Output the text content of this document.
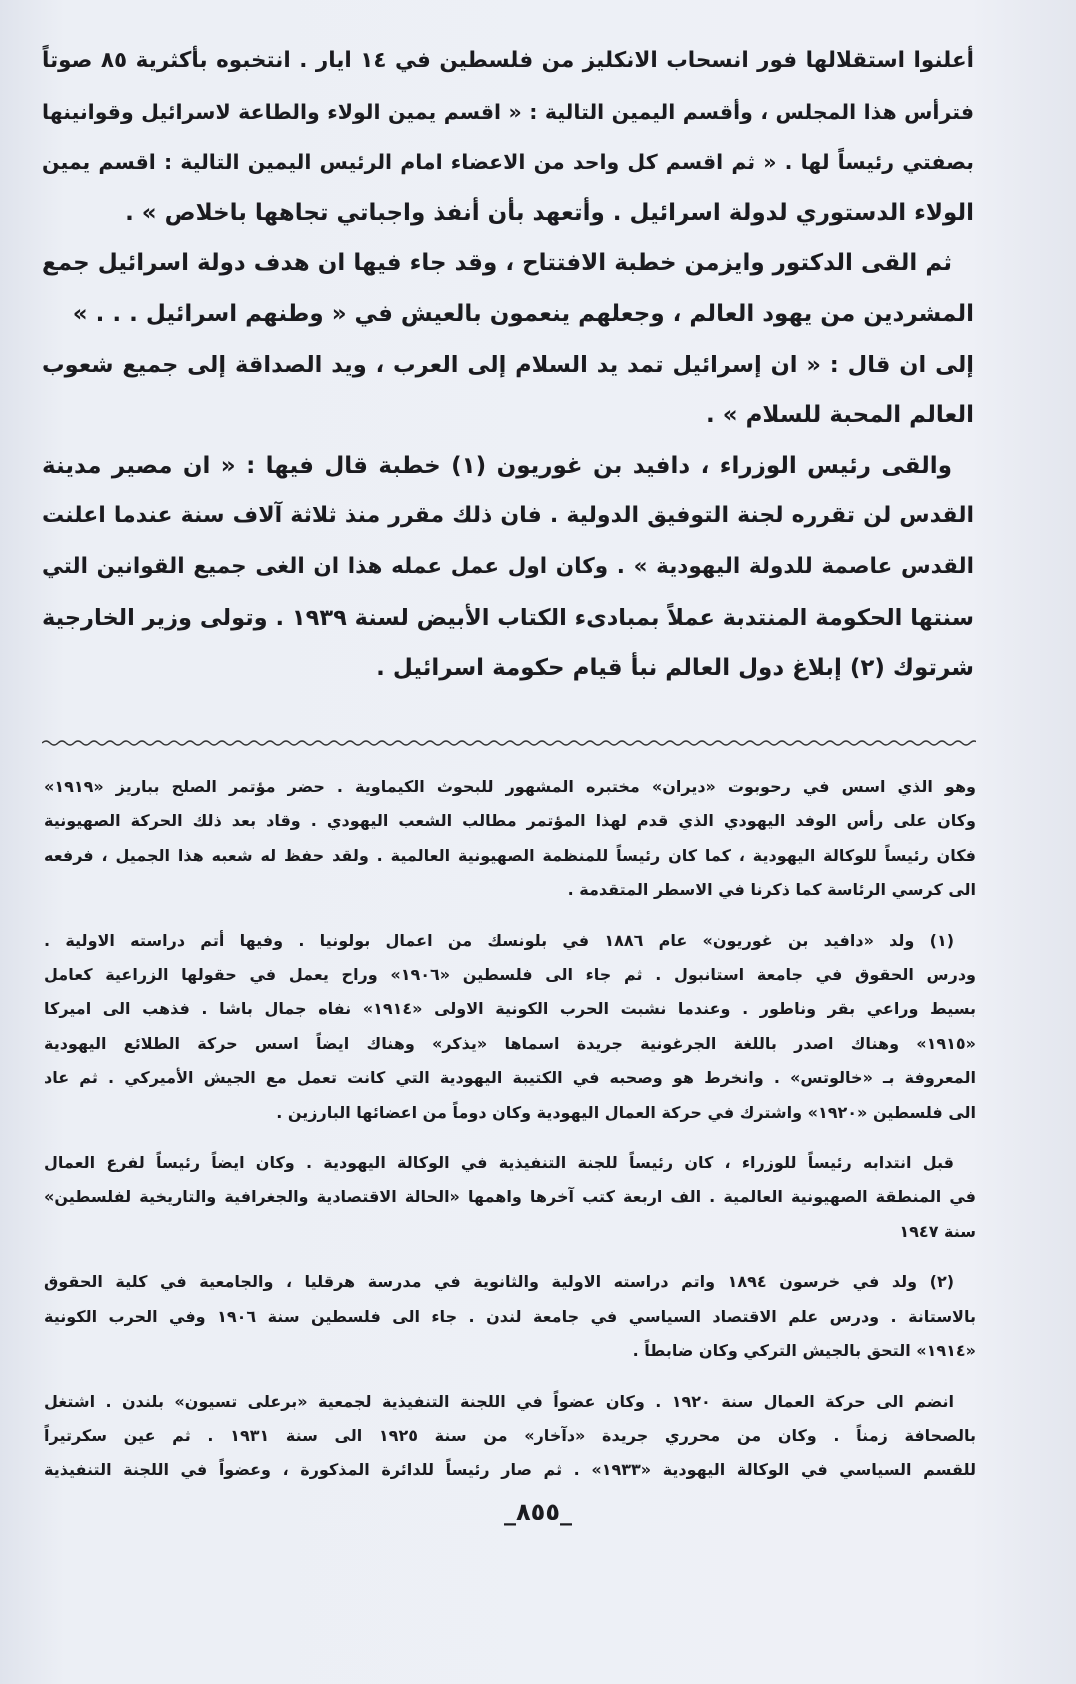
أعلنوا استقلالها فور انسحاب الانكليز من فلسطين في ١٤ ايار . انتخبوه بأكثرية ٨٥ صوتاً
فترأس هذا المجلس ، وأقسم اليمين التالية : « اقسم يمين الولاء والطاعة لاسرائيل وقوانينها
بصفتي رئيساً لها . « ثم اقسم كل واحد من الاعضاء امام الرئيس اليمين التالية : اقسم يمين
الولاء الدستوري لدولة اسرائيل . وأتعهد بأن أنفذ واجباتي تجاهها باخلاص » .
ثم القى الدكتور وايزمن خطبة الافتتاح ، وقد جاء فيها ان هدف دولة اسرائيل جمع
المشردين من يهود العالم ، وجعلهم ينعمون بالعيش في « وطنهم اسرائيل . . . »
إلى ان قال : « ان إسرائيل تمد يد السلام إلى العرب ، ويد الصداقة إلى جميع شعوب
العالم المحبة للسلام » .
والقى رئيس الوزراء ، دافيد بن غوريون (١) خطبة قال فيها : « ان مصير مدينة
القدس لن تقرره لجنة التوفيق الدولية . فان ذلك مقرر منذ ثلاثة آلاف سنة عندما اعلنت
القدس عاصمة للدولة اليهودية » . وكان اول عمل عمله هذا ان الغى جميع القوانين التي
سنتها الحكومة المنتدبة عملاً بمبادىء الكتاب الأبيض لسنة ١٩٣٩ . وتولى وزير الخارجية
شرتوك (٢) إبلاغ دول العالم نبأ قيام حكومة اسرائيل .
وهو الذي اسس في رحوبوت «ديران» مختبره المشهور للبحوث الكيماوية . حضر مؤتمر الصلح بباريز «١٩١٩»
وكان على رأس الوفد اليهودي الذي قدم لهذا المؤتمر مطالب الشعب اليهودي . وقاد بعد ذلك الحركة الصهيونية
فكان رئيساً للوكالة اليهودية ، كما كان رئيساً للمنظمة الصهيونية العالمية . ولقد حفظ له شعبه هذا الجميل ، فرفعه
الى كرسي الرئاسة كما ذكرنا في الاسطر المتقدمة .
(١) ولد «دافيد بن غوريون» عام ١٨٨٦ في بلونسك من اعمال بولونيا . وفيها أتم دراسته الاولية .
ودرس الحقوق في جامعة استانبول . ثم جاء الى فلسطين «١٩٠٦» وراح يعمل في حقولها الزراعية كعامل
بسيط وراعي بقر وناطور . وعندما نشبت الحرب الكونية الاولى «١٩١٤» نفاه جمال باشا . فذهب الى اميركا
«١٩١٥» وهناك اصدر باللغة الجرغونية جريدة اسماها «يذكر» وهناك ايضاً اسس حركة الطلائع اليهودية
المعروفة بـ «خالوتس» . وانخرط هو وصحبه في الكتيبة اليهودية التي كانت تعمل مع الجيش الأميركي . ثم عاد
الى فلسطين «١٩٢٠» واشترك في حركة العمال اليهودية وكان دوماً من اعضائها البارزين .
قبل انتدابه رئيساً للوزراء ، كان رئيساً للجنة التنفيذية في الوكالة اليهودية . وكان ايضاً رئيساً لفرع العمال
في المنطقة الصهيونية العالمية . الف اربعة كتب آخرها واهمها «الحالة الاقتصادية والجغرافية والتاريخية لفلسطين»
سنة ١٩٤٧
(٢) ولد في خرسون ١٨٩٤ واتم دراسته الاولية والثانوية في مدرسة هرقليا ، والجامعية في كلية الحقوق
بالاستانة . ودرس علم الاقتصاد السياسي في جامعة لندن . جاء الى فلسطين سنة ١٩٠٦ وفي الحرب الكونية
«١٩١٤» التحق بالجيش التركي وكان ضابطاً .
انضم الى حركة العمال سنة ١٩٢٠ . وكان عضواً في اللجنة التنفيذية لجمعية «برعلى تسيون» بلندن . اشتغل
بالصحافة زمناً . وكان من محرري جريدة «دآخار» من سنة ١٩٢٥ الى سنة ١٩٣١ . ثم عين سكرتيراً
للقسم السياسي في الوكالة اليهودية «١٩٣٣» . ثم صار رئيساً للدائرة المذكورة ، وعضواً في اللجنة التنفيذية
_٨٥٥_
